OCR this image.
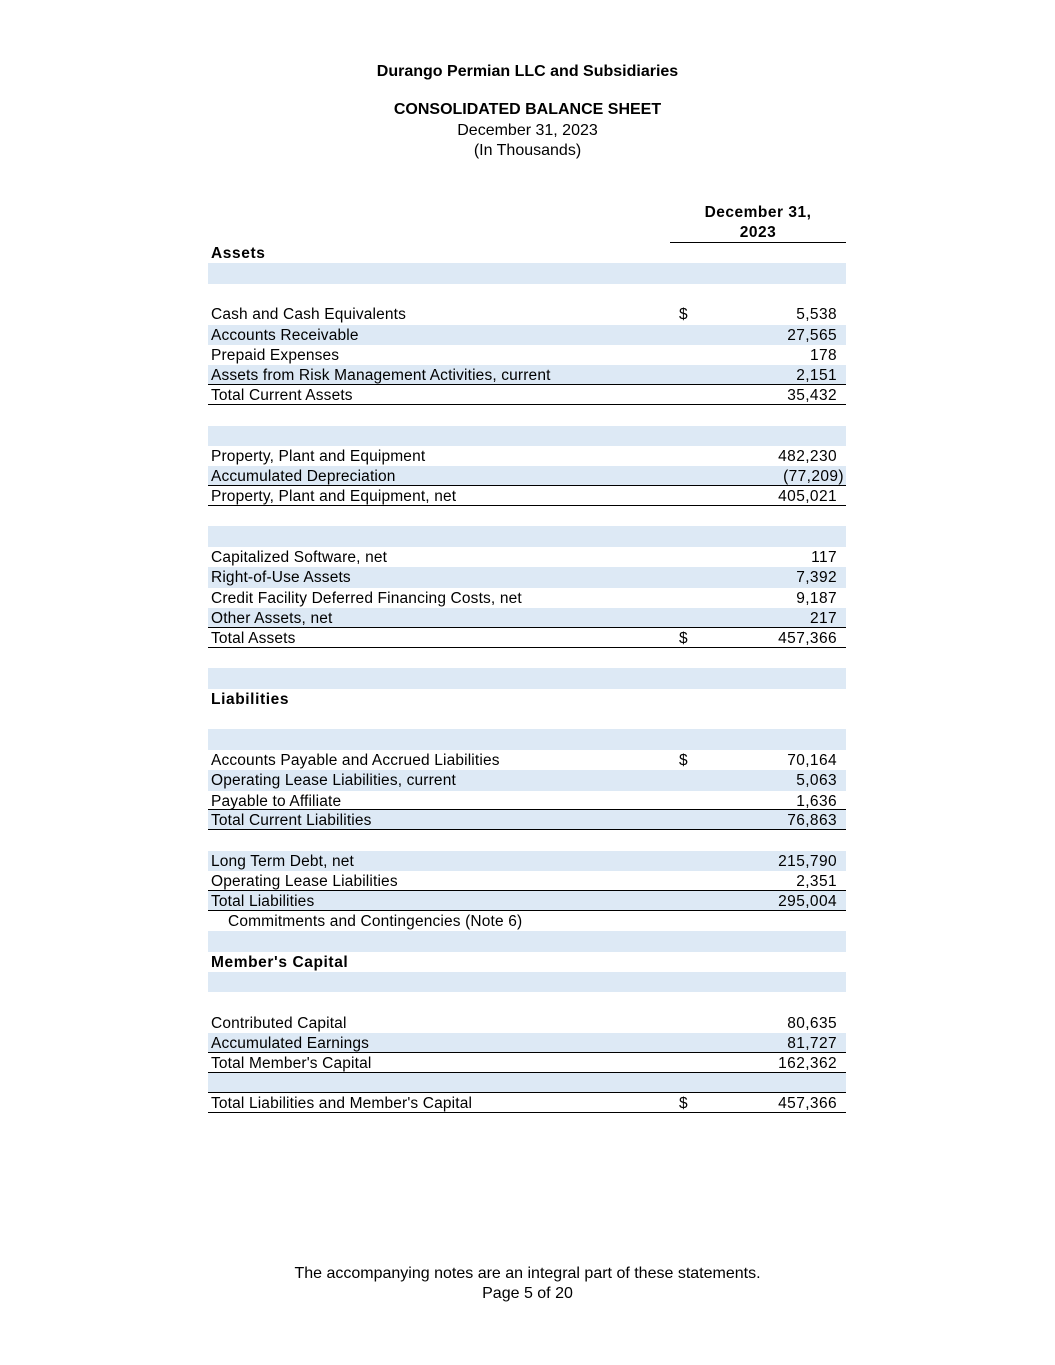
Durango Permian LLC and Subsidiaries
CONSOLIDATED BALANCE SHEET
December 31, 2023
(In Thousands)
December 31,
2023
Assets
Cash and Cash Equivalents	$	5,538
Accounts Receivable	27,565
Prepaid Expenses	178
Assets from Risk Management Activities, current	2,151
Total Current Assets	35,432
Property, Plant and Equipment	482,230
Accumulated Depreciation	(77,209)
Property, Plant and Equipment, net	405,021
Capitalized Software, net	117
Right-of-Use Assets	7,392
Credit Facility Deferred Financing Costs, net	9,187
Other Assets, net	217
Total Assets	$	457,366
Liabilities
Accounts Payable and Accrued Liabilities	$	70,164
Operating Lease Liabilities, current	5,063
Payable to Affiliate	1,636
Total Current Liabilities	76,863
Long Term Debt, net	215,790
Operating Lease Liabilities	2,351
Total Liabilities	295,004
Commitments and Contingencies (Note 6)
Member's Capital
Contributed Capital	80,635
Accumulated Earnings	81,727
Total Member's Capital	162,362
Total Liabilities and Member's Capital	$	457,366
The accompanying notes are an integral part of these statements.
Page 5 of 20
